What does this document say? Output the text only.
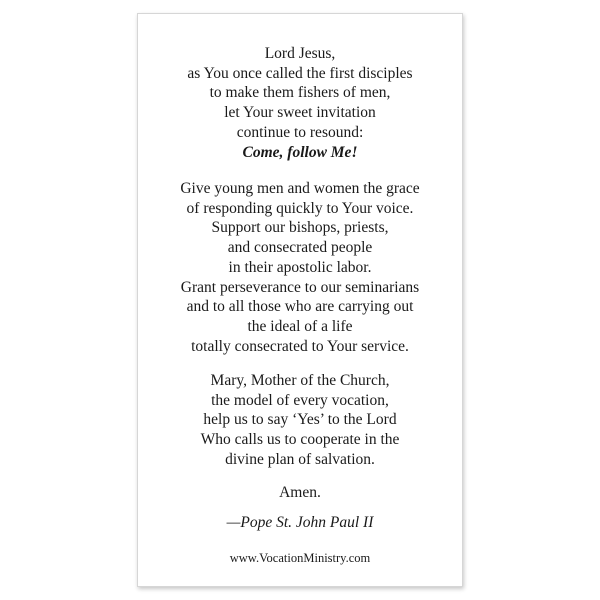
Lord Jesus,
as You once called the first disciples
to make them fishers of men,
let Your sweet invitation
continue to resound:
Come, follow Me!
Give young men and women the grace
of responding quickly to Your voice.
Support our bishops, priests,
and consecrated people
in their apostolic labor.
Grant perseverance to our seminarians
and to all those who are carrying out
the ideal of a life
totally consecrated to Your service.
Mary, Mother of the Church,
the model of every vocation,
help us to say ‘Yes’ to the Lord
Who calls us to cooperate in the
divine plan of salvation.
Amen.
—Pope St. John Paul II
www.VocationMinistry.com
